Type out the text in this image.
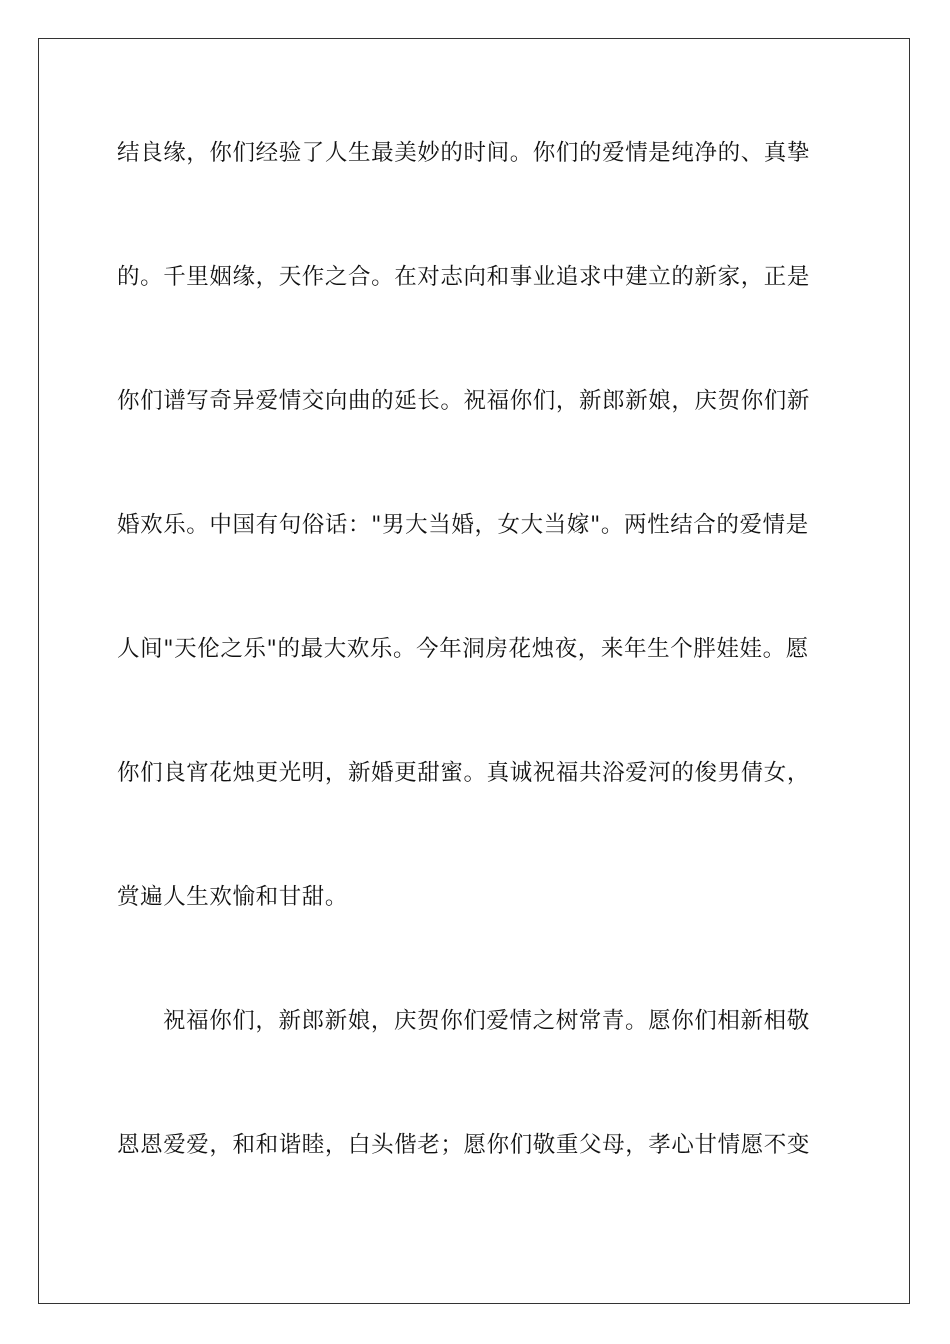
结良缘，你们经验了人生最美妙的时间。你们的爱情是纯净的、真挚
的。千里姻缘，天作之合。在对志向和事业追求中建立的新家，正是
你们谱写奇异爱情交向曲的延长。祝福你们，新郎新娘，庆贺你们新
婚欢乐。中国有句俗话："男大当婚，女大当嫁"。两性结合的爱情是
人间"天伦之乐"的最大欢乐。今年洞房花烛夜，来年生个胖娃娃。愿
你们良宵花烛更光明，新婚更甜蜜。真诚祝福共浴爱河的俊男倩女，
赏遍人生欢愉和甘甜。
祝福你们，新郎新娘，庆贺你们爱情之树常青。愿你们相新相敬
恩恩爱爱，和和谐睦，白头偕老；愿你们敬重父母，孝心甘情愿不变
